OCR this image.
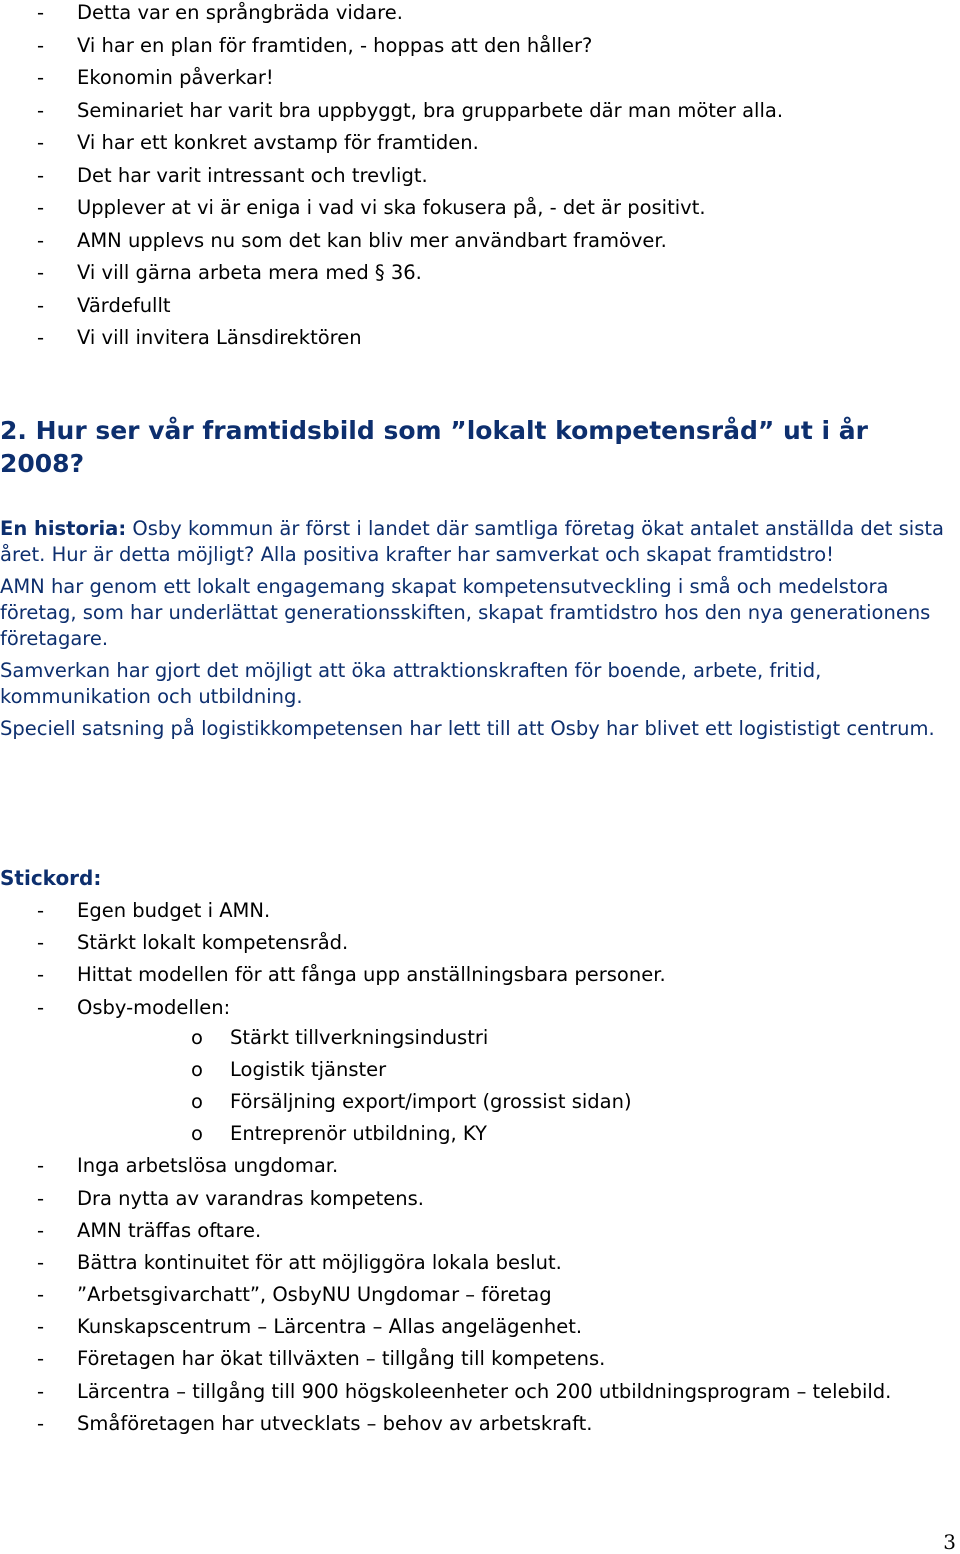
- Detta var en språngbräda vidare.
- Vi har en plan för framtiden, - hoppas att den håller?
- Ekonomin påverkar!
- Seminariet har varit bra uppbyggt, bra grupparbete där man möter alla.
- Vi har ett konkret avstamp för framtiden.
- Det har varit intressant och trevligt.
- Upplever at vi är eniga i vad vi ska fokusera på, - det är positivt.
- AMN upplevs nu som det kan bliv mer användbart framöver.
- Vi vill gärna arbeta mera med § 36.
- Värdefullt
- Vi vill invitera Länsdirektören
2. Hur ser vår framtidsbild som ”lokalt kompetensråd” ut i år 2008?

En historia: Osby kommun är först i landet där samtliga företag ökat antalet anställda det sista året. Hur är detta möjligt? Alla positiva krafter har samverkat och skapat framtidstro!

AMN har genom ett lokalt engagemang skapat kompetensutveckling i små och medelstora företag, som har underlättat generationsskiften, skapat framtidstro hos den nya generationens företagare.

Samverkan har gjort det möjligt att öka attraktionskraften för boende, arbete, fritid, kommunikation och utbildning.

Speciell satsning på logistikkompetensen har lett till att Osby har blivet ett logististigt centrum.

Stickord:

- Egen budget i AMN.
- Stärkt lokalt kompetensråd.
- Hittat modellen för att fånga upp anställningsbara personer.
- Osby-modellen:
o Stärkt tillverkningsindustri
o Logistik tjänster
o Försäljning export/import (grossist sidan)
o Entreprenör utbildning, KY
- Inga arbetslösa ungdomar.
- Dra nytta av varandras kompetens.
- AMN träffas oftare.
- Bättra kontinuitet för att möjliggöra lokala beslut.
- ”Arbetsgivarchatt”, OsbyNU Ungdomar – företag
- Kunskapscentrum – Lärcentra – Allas angelägenhet.
- Företagen har ökat tillväxten – tillgång till kompetens.
- Lärcentra – tillgång till 900 högskoleenheter och 200 utbildningsprogram – telebild.
- Småföretagen har utvecklats – behov av arbetskraft.
3
